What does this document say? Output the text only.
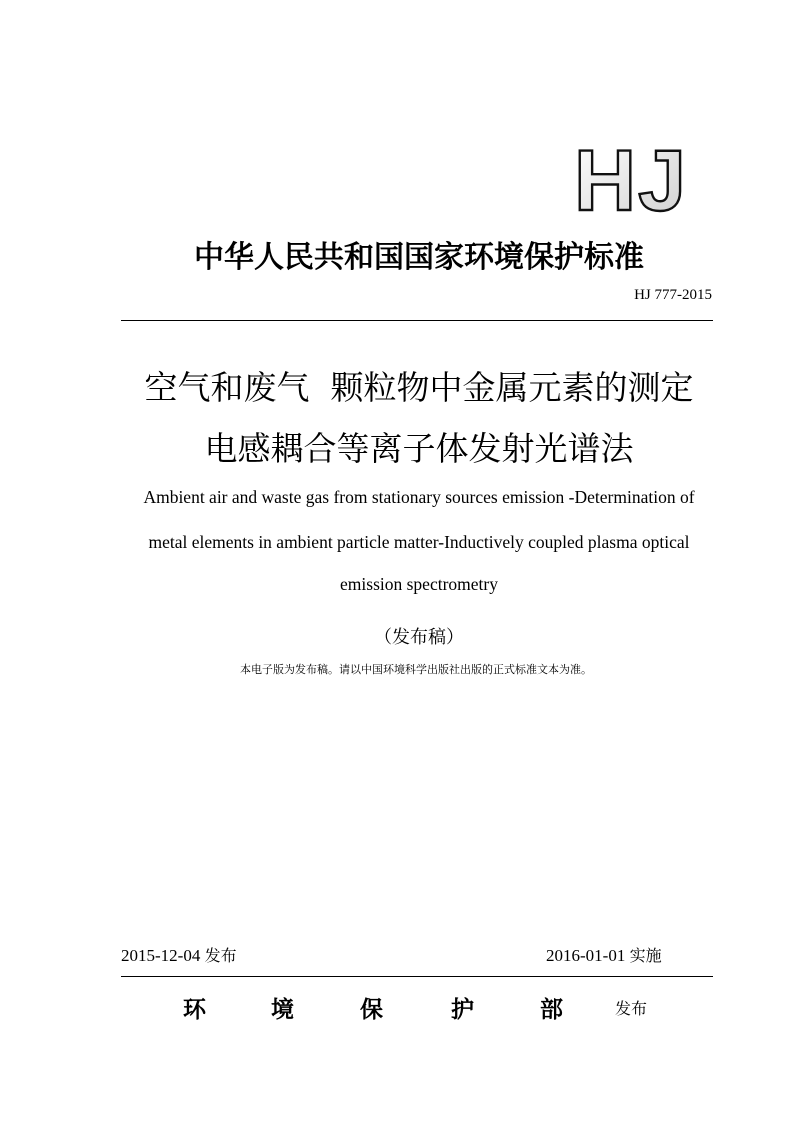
HJ
中华人民共和国国家环境保护标准
HJ 777-2015
空气和废气  颗粒物中金属元素的测定
电感耦合等离子体发射光谱法
Ambient air and waste gas from stationary sources emission -Determination of
metal elements in ambient particle matter-Inductively coupled plasma optical
emission spectrometry
（发布稿）
本电子版为发布稿。请以中国环境科学出版社出版的正式标准文本为准。
2015-12-04 发布	2016-01-01 实施
环	境	保	护	部	发布
